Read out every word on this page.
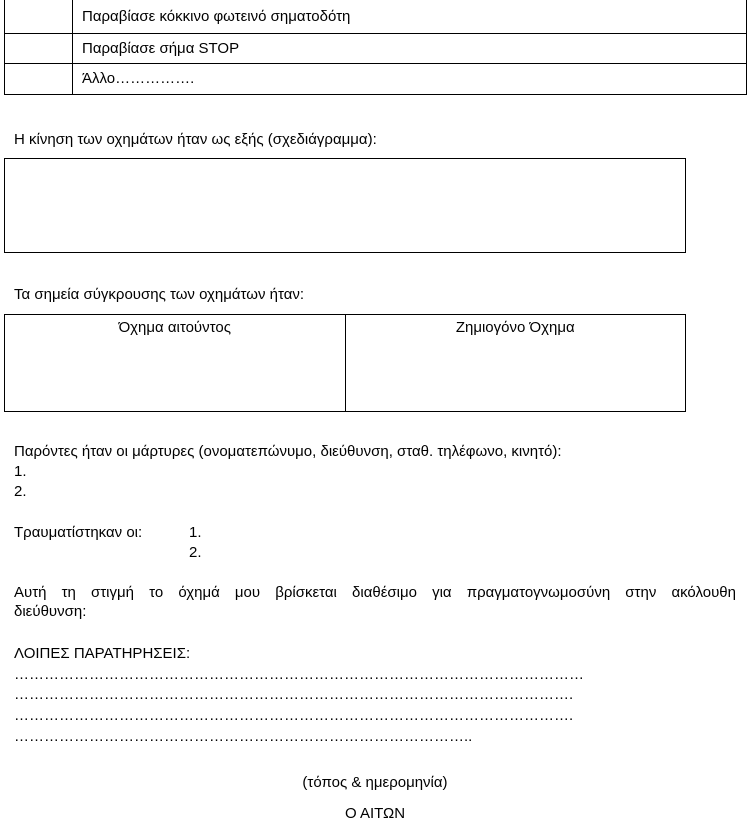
	Παραβίασε κόκκινο φωτεινό σηματοδότη
	Παραβίασε σήμα STOP
	Άλλο…………….
Η κίνηση των οχημάτων ήταν ως εξής (σχεδιάγραμμα):
Τα σημεία σύγκρουσης των οχημάτων ήταν:
Όχημα αιτούντος	Ζημιογόνο Όχημα
Παρόντες ήταν οι μάρτυρες (ονοματεπώνυμο, διεύθυνση, σταθ. τηλέφωνο, κινητό):
1.
2.
Τραυματίστηκαν οι:	1.
2.
Αυτή τη στιγμή το όχημά μου βρίσκεται διαθέσιμο για πραγματογνωμοσύνη στην ακόλουθη
διεύθυνση:
ΛΟΙΠΕΣ ΠΑΡΑΤΗΡΗΣΕΙΣ:
……………………………………………………………………………………………………
………………………………………………………………………………………………….
………………………………………………………………………………………………….
………………………………………………………………………………..
(τόπος & ημερομηνία)
Ο ΑΙΤΩΝ
